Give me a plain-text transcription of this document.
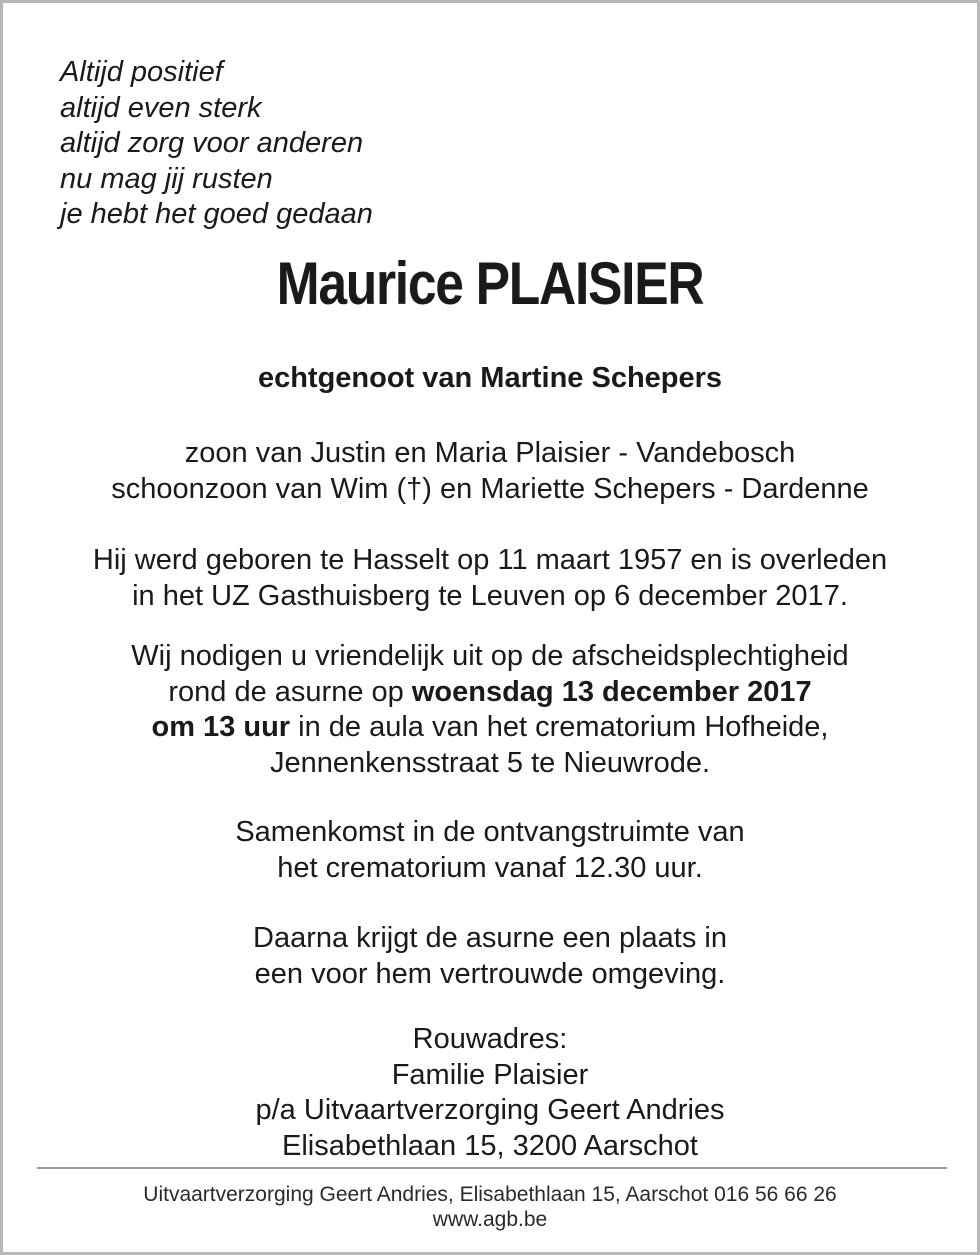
Altijd positief
altijd even sterk
altijd zorg voor anderen
nu mag jij rusten
je hebt het goed gedaan
Maurice PLAISIER
echtgenoot van Martine Schepers
zoon van Justin en Maria Plaisier - Vandebosch
schoonzoon van Wim (†) en Mariette Schepers - Dardenne
Hij werd geboren te Hasselt op 11 maart 1957 en is overleden
in het UZ Gasthuisberg te Leuven op 6 december 2017.
Wij nodigen u vriendelijk uit op de afscheidsplechtigheid
rond de asurne op woensdag 13 december 2017
om 13 uur in de aula van het crematorium Hofheide,
Jennenkensstraat 5 te Nieuwrode.
Samenkomst in de ontvangstruimte van
het crematorium vanaf 12.30 uur.
Daarna krijgt de asurne een plaats in
een voor hem vertrouwde omgeving.
Rouwadres:
Familie Plaisier
p/a Uitvaartverzorging Geert Andries
Elisabethlaan 15, 3200 Aarschot
Uitvaartverzorging Geert Andries, Elisabethlaan 15, Aarschot 016 56 66 26
www.agb.be
